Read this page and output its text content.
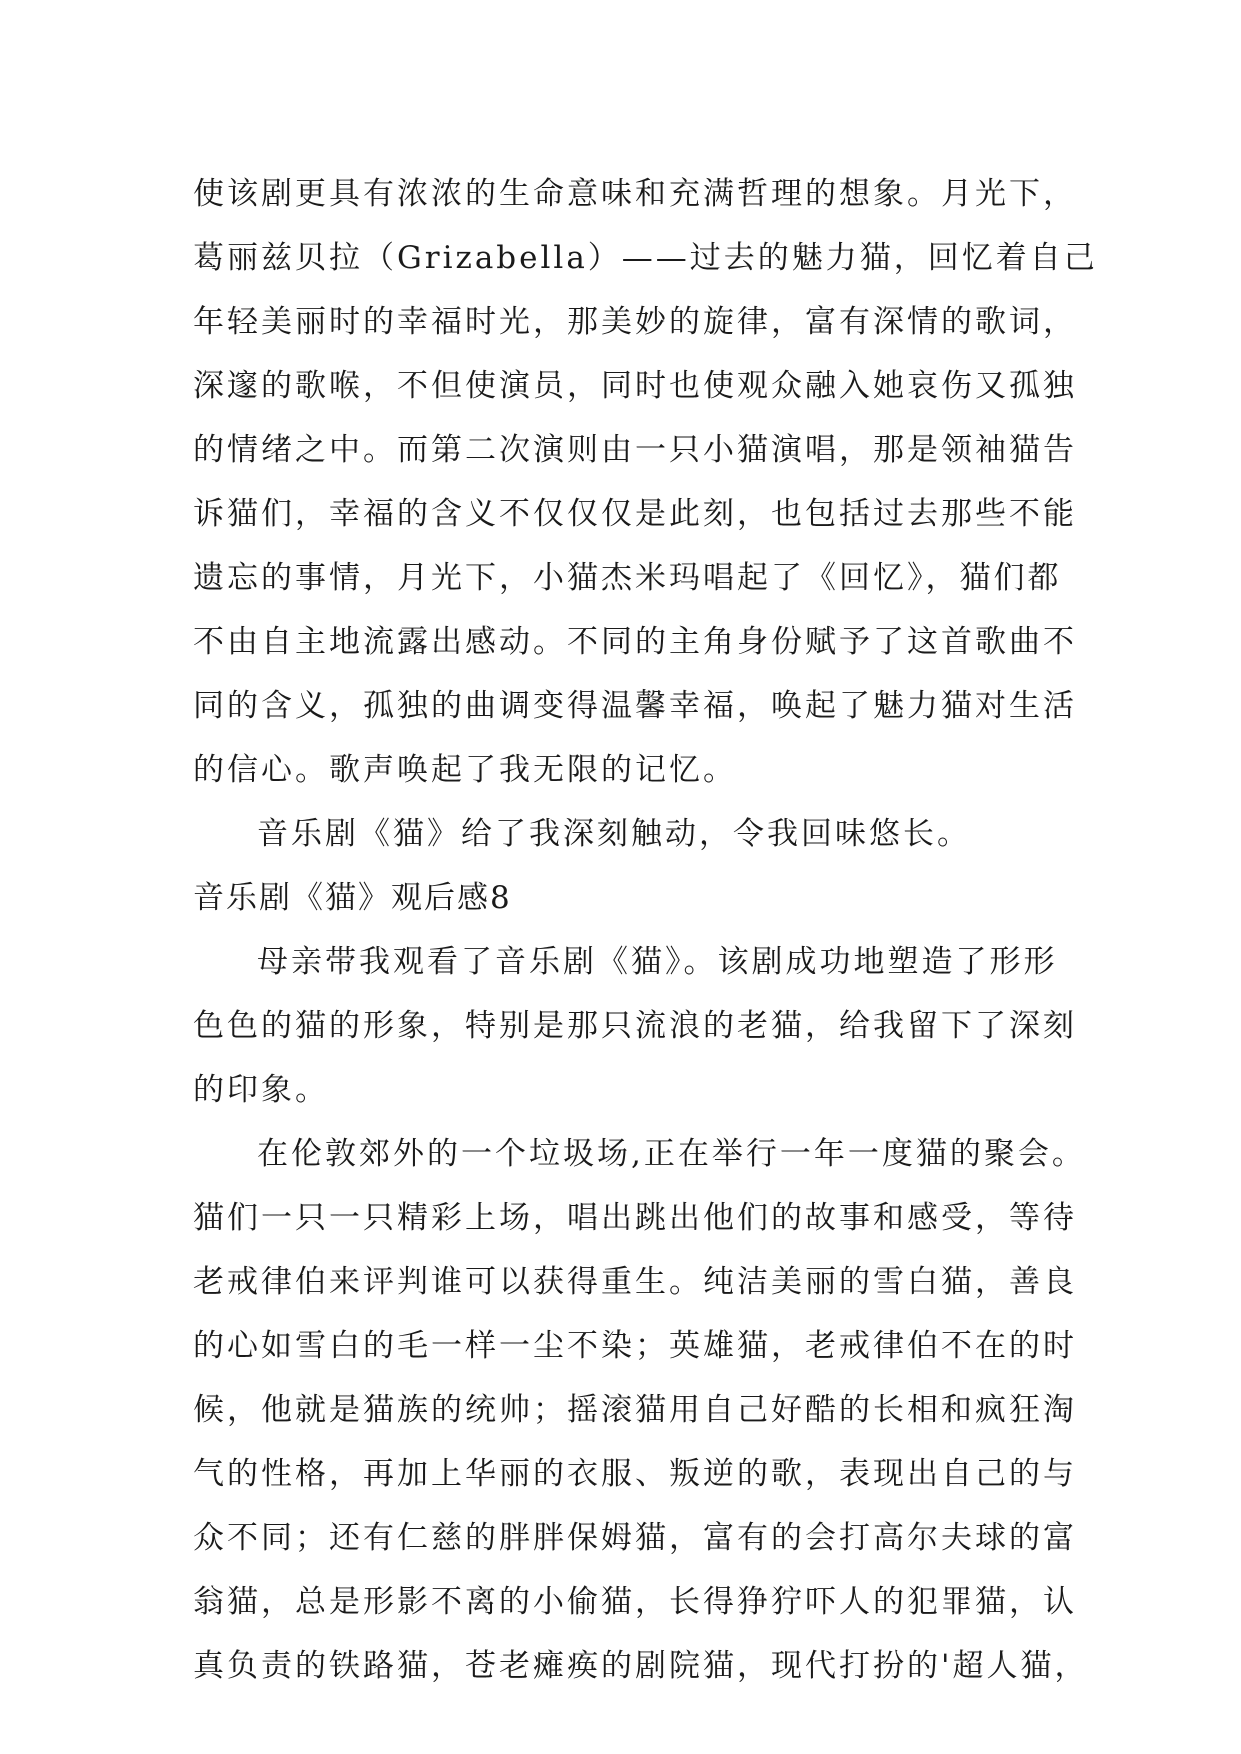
使该剧更具有浓浓的生命意味和充满哲理的想象。月光下，
葛丽兹贝拉（Grizabella）——过去的魅力猫，回忆着自己
年轻美丽时的幸福时光，那美妙的旋律，富有深情的歌词，
深邃的歌喉，不但使演员，同时也使观众融入她哀伤又孤独
的情绪之中。而第二次演则由一只小猫演唱，那是领袖猫告
诉猫们，幸福的含义不仅仅仅是此刻，也包括过去那些不能
遗忘的事情，月光下，小猫杰米玛唱起了《回忆》，猫们都
不由自主地流露出感动。不同的主角身份赋予了这首歌曲不
同的含义，孤独的曲调变得温馨幸福，唤起了魅力猫对生活
的信心。歌声唤起了我无限的记忆。
音乐剧《猫》给了我深刻触动，令我回味悠长。
音乐剧《猫》观后感8
母亲带我观看了音乐剧《猫》。该剧成功地塑造了形形
色色的猫的形象，特别是那只流浪的老猫，给我留下了深刻
的印象。
在伦敦郊外的一个垃圾场,正在举行一年一度猫的聚会。
猫们一只一只精彩上场，唱出跳出他们的故事和感受，等待
老戒律伯来评判谁可以获得重生。纯洁美丽的雪白猫，善良
的心如雪白的毛一样一尘不染；英雄猫，老戒律伯不在的时
候，他就是猫族的统帅；摇滚猫用自己好酷的长相和疯狂淘
气的性格，再加上华丽的衣服、叛逆的歌，表现出自己的与
众不同；还有仁慈的胖胖保姆猫，富有的会打高尔夫球的富
翁猫，总是形影不离的小偷猫，长得狰狞吓人的犯罪猫，认
真负责的铁路猫，苍老瘫痪的剧院猫，现代打扮的'超人猫，
